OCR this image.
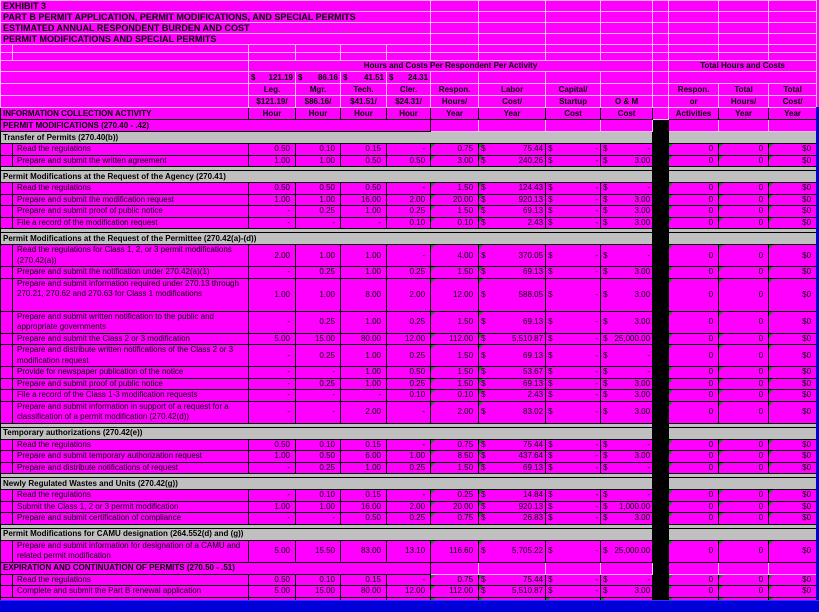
EXHIBIT 3													
PART B PERMIT APPLICATION, PERMIT MODIFICATIONS, AND SPECIAL PERMITS													
ESTIMATED ANNUAL RESPONDENT BURDEN AND COST													
PERMIT MODIFICATIONS AND SPECIAL PERMITS													

		Hours and Costs Per Respondent Per Activity									Total Hours and Costs		

		$ 121.19	$ 86.16	$ 41.51	$ 24.31								

		Leg.	Mgr.	Tech.	Cler.	Respon.	Labor	Capital/			Respon.	Total	Total
		$121.19/	$86.16/	$41.51/	$24.31/	Hours/	Cost/	Startup	O & M		or	Hours/	Cost/
INFORMATION COLLECTION ACTIVITY		Hour	Hour	Hour	Hour	Year	Year	Cost	Cost		Activities	Year	Year
PERMIT MODIFICATIONS (270.40 - .42)													
Transfer of Permits (270.40(b))													
	Read the regulations	0.50	0.10	0.15	-	0.75	$ 75.44	$ -	$ -		0	0	$0
	Prepare and submit the written agreement	1.00	1.00	0.50	0.50	3.00	$ 240.26	$ -	$ 3.00		0	0	$0

Permit Modifications at the Request of the Agency (270.41)													
	Read the regulations	0.50	0.50	0.50	-	1.50	$ 124.43	$ -	$ -		0	0	$0
	Prepare and submit the modification request	1.00	1.00	16.00	2.00	20.00	$ 920.13	$ -	$ 3.00		0	0	$0
	Prepare and submit proof of public notice	-	0.25	1.00	0.25	1.50	$ 69.13	$ -	$ 3.00		0	0	$0
	File a record of the modification request	-	-	-	0.10	0.10	$ 2.43	$ -	$ 3.00		0	0	$0

Permit Modifications at the Request of the Permittee (270.42(a)-(d))													
	Read the regulations for Class 1, 2, or 3 permit modifications (270.42(a))	2.00	1.00	1.00	-	4.00	$ 370.05	$ -	$ -		0	0	$0
	Prepare and submit the notification under 270.42(a)(1)	-	0.25	1.00	0.25	1.50	$ 69.13	$ -	$ 3.00		0	0	$0
	Prepare and submit information required under 270.13 through 270.21, 270.62 and 270.63 for Class 1 modifications	1.00	1.00	8.00	2.00	12.00	$ 588.05	$ -	$ 3.00		0	0	$0
	Prepare and submit written notification to the public and appropriate governments	-	0.25	1.00	0.25	1.50	$ 69.13	$ -	$ 3.00		0	0	$0
	Prepare and submit the Class 2 or 3 modification	5.00	15.00	80.00	12.00	112.00	$ 5,510.87	$ -	$ 25,000.00		0	0	$0
	Prepare and distribute written notifications of the Class 2 or 3 modification request	-	0.25	1.00	0.25	1.50	$ 69.13	$ -	$ -		0	0	$0
	Provide for newspaper publication of the notice	-	-	1.00	0.50	1.50	$ 53.67	$ -	$ -		0	0	$0
	Prepare and submit proof of public notice	-	0.25	1.00	0.25	1.50	$ 69.13	$ -	$ 3.00		0	0	$0
	File a record of the Class 1-3 modification requests	-	-	-	0.10	0.10	$ 2.43	$ -	$ 3.00		0	0	$0
	Prepare and submit information in support of a request for a classification of a permit modification (270.42(d))	-	-	2.00	-	2.00	$ 83.02	$ -	$ 3.00		0	0	$0

Temporary authorizations (270.42(e))													
	Read the regulations	0.50	0.10	0.15	-	0.75	$ 75.44	$ -	$ -		0	0	$0
	Prepare and submit temporary authorization request	1.00	0.50	6.00	1.00	8.50	$ 437.64	$ -	$ 3.00		0	0	$0
	Prepare and distribute notifications of request	-	0.25	1.00	0.25	1.50	$ 69.13	$ -	$ -		0	0	$0

Newly Regulated Wastes and Units (270.42(g))													
	Read the regulations	-	0.10	0.15	-	0.25	$ 14.84	$ -	$ -		0	0	$0
	Submit the Class 1, 2 or 3 permit modification	1.00	1.00	16.00	2.00	20.00	$ 920.13	$ -	$ 1,000.00		0	0	$0
	Prepare and submit certification of compliance	-	-	0.50	0.25	0.75	$ 26.83	$ -	$ 3.00		0	0	$0

Permit Modifications for CAMU designation (264.552(d) and (g))													
	Prepare and submit information for designation of a CAMU and related permit modification	5.00	15.50	83.00	13.10	116.60	$ 5,705.22	$ -	$ 25,000.00		0	0	$0
EXPIRATION AND CONTINUATION OF PERMITS (270.50 - .51)													
	Read the regulations	0.50	0.10	0.15	-	0.75	$ 75.44	$ -	$ -		0	0	$0
	Complete and submit the Part B renewal application	5.00	15.00	80.00	12.00	112.00	$ 5,510.87	$ -	$ 3.00		0	0	$0
